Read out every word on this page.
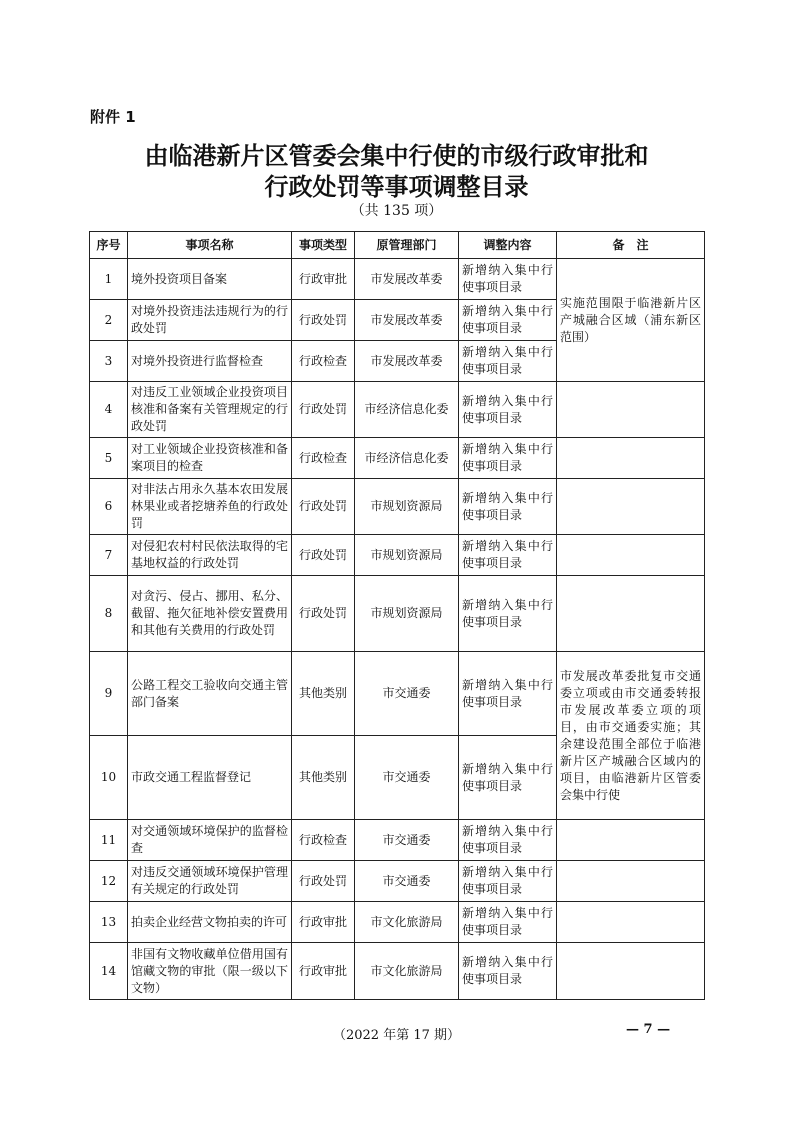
附件 1
由临港新片区管委会集中行使的市级行政审批和
行政处罚等事项调整目录
（共 135 项）
序号	事项名称	事项类型	原管理部门	调整内容	备　注
1	境外投资项目备案	行政审批	市发展改革委	新增纳入集中行使事项目录	实施范围限于临港新片区产城融合区域（浦东新区范围）
2	对境外投资违法违规行为的行政处罚	行政处罚	市发展改革委	新增纳入集中行使事项目录	
3	对境外投资进行监督检查	行政检查	市发展改革委	新增纳入集中行使事项目录	
4	对违反工业领域企业投资项目核准和备案有关管理规定的行政处罚	行政处罚	市经济信息化委	新增纳入集中行使事项目录	
5	对工业领域企业投资核准和备案项目的检查	行政检查	市经济信息化委	新增纳入集中行使事项目录	
6	对非法占用永久基本农田发展林果业或者挖塘养鱼的行政处罚	行政处罚	市规划资源局	新增纳入集中行使事项目录	
7	对侵犯农村村民依法取得的宅基地权益的行政处罚	行政处罚	市规划资源局	新增纳入集中行使事项目录	
8	对贪污、侵占、挪用、私分、截留、拖欠征地补偿安置费用和其他有关费用的行政处罚	行政处罚	市规划资源局	新增纳入集中行使事项目录	
9	公路工程交工验收向交通主管部门备案	其他类别	市交通委	新增纳入集中行使事项目录	市发展改革委批复市交通委立项或由市交通委转报市发展改革委立项的项目，由市交通委实施；其余建设范围全部位于临港新片区产城融合区域内的项目，由临港新片区管委会集中行使
10	市政交通工程监督登记	其他类别	市交通委	新增纳入集中行使事项目录	
11	对交通领域环境保护的监督检查	行政检查	市交通委	新增纳入集中行使事项目录	
12	对违反交通领域环境保护管理有关规定的行政处罚	行政处罚	市交通委	新增纳入集中行使事项目录	
13	拍卖企业经营文物拍卖的许可	行政审批	市文化旅游局	新增纳入集中行使事项目录	
14	非国有文物收藏单位借用国有馆藏文物的审批（限一级以下文物）	行政审批	市文化旅游局	新增纳入集中行使事项目录	
（2022 年第 17 期）	— 7 —
